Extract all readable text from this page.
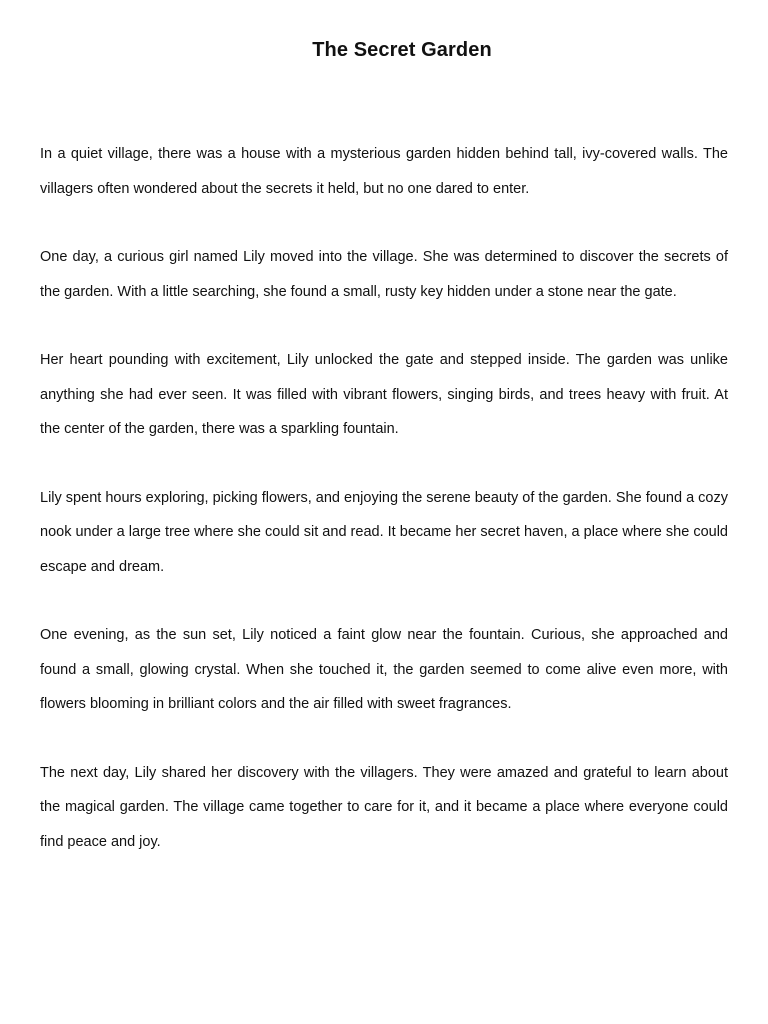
The Secret Garden

In a quiet village, there was a house with a mysterious garden hidden behind tall, ivy-covered walls. The villagers often wondered about the secrets it held, but no one dared to enter.

One day, a curious girl named Lily moved into the village. She was determined to discover the secrets of the garden. With a little searching, she found a small, rusty key hidden under a stone near the gate.

Her heart pounding with excitement, Lily unlocked the gate and stepped inside. The garden was unlike anything she had ever seen. It was filled with vibrant flowers, singing birds, and trees heavy with fruit. At the center of the garden, there was a sparkling fountain.

Lily spent hours exploring, picking flowers, and enjoying the serene beauty of the garden. She found a cozy nook under a large tree where she could sit and read. It became her secret haven, a place where she could escape and dream.

One evening, as the sun set, Lily noticed a faint glow near the fountain. Curious, she approached and found a small, glowing crystal. When she touched it, the garden seemed to come alive even more, with flowers blooming in brilliant colors and the air filled with sweet fragrances.

The next day, Lily shared her discovery with the villagers. They were amazed and grateful to learn about the magical garden. The village came together to care for it, and it became a place where everyone could find peace and joy.
